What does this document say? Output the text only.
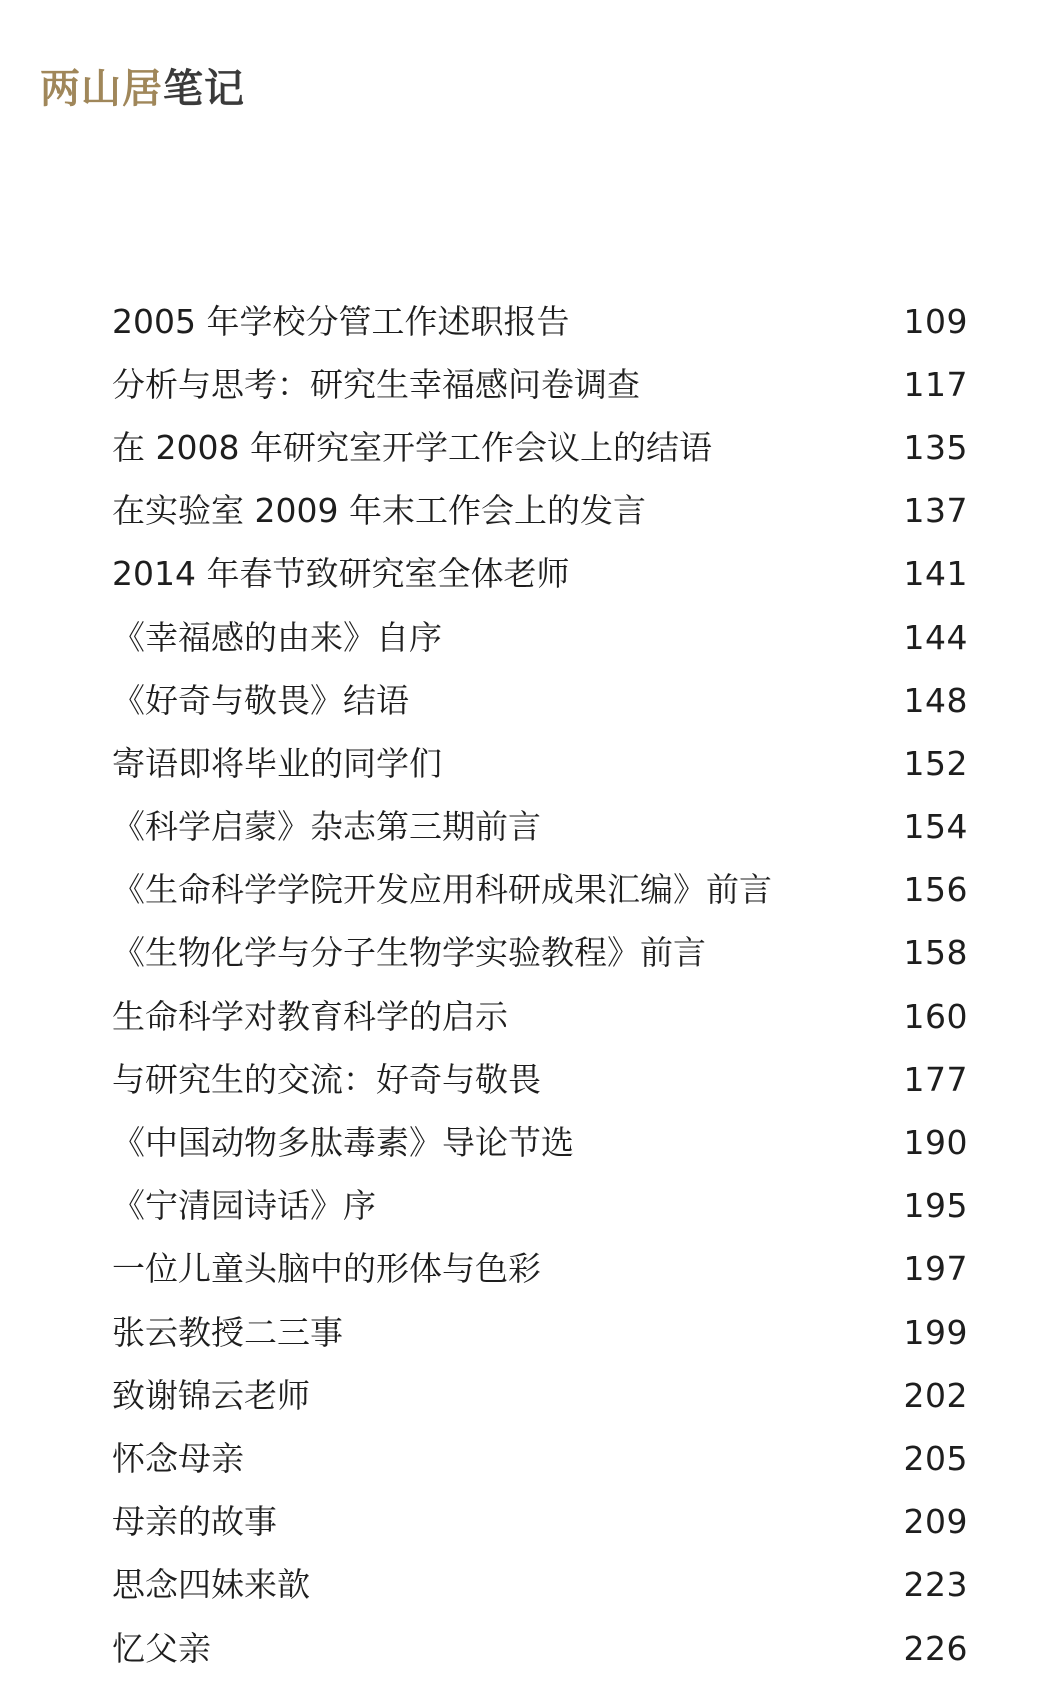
两山居 笔记
2005 年学校分管工作述职报告	109
分析与思考：研究生幸福感问卷调查	117
在 2008 年研究室开学工作会议上的结语	135
在实验室 2009 年末工作会上的发言	137
2014 年春节致研究室全体老师	141
《幸福感的由来》自序	144
《好奇与敬畏》结语	148
寄语即将毕业的同学们	152
《科学启蒙》杂志第三期前言	154
《生命科学学院开发应用科研成果汇编》前言	156
《生物化学与分子生物学实验教程》前言	158
生命科学对教育科学的启示	160
与研究生的交流：好奇与敬畏	177
《中国动物多肽毒素》导论节选	190
《宁清园诗话》序	195
一位儿童头脑中的形体与色彩	197
张云教授二三事	199
致谢锦云老师	202
怀念母亲	205
母亲的故事	209
思念四妹来歆	223
忆父亲	226
